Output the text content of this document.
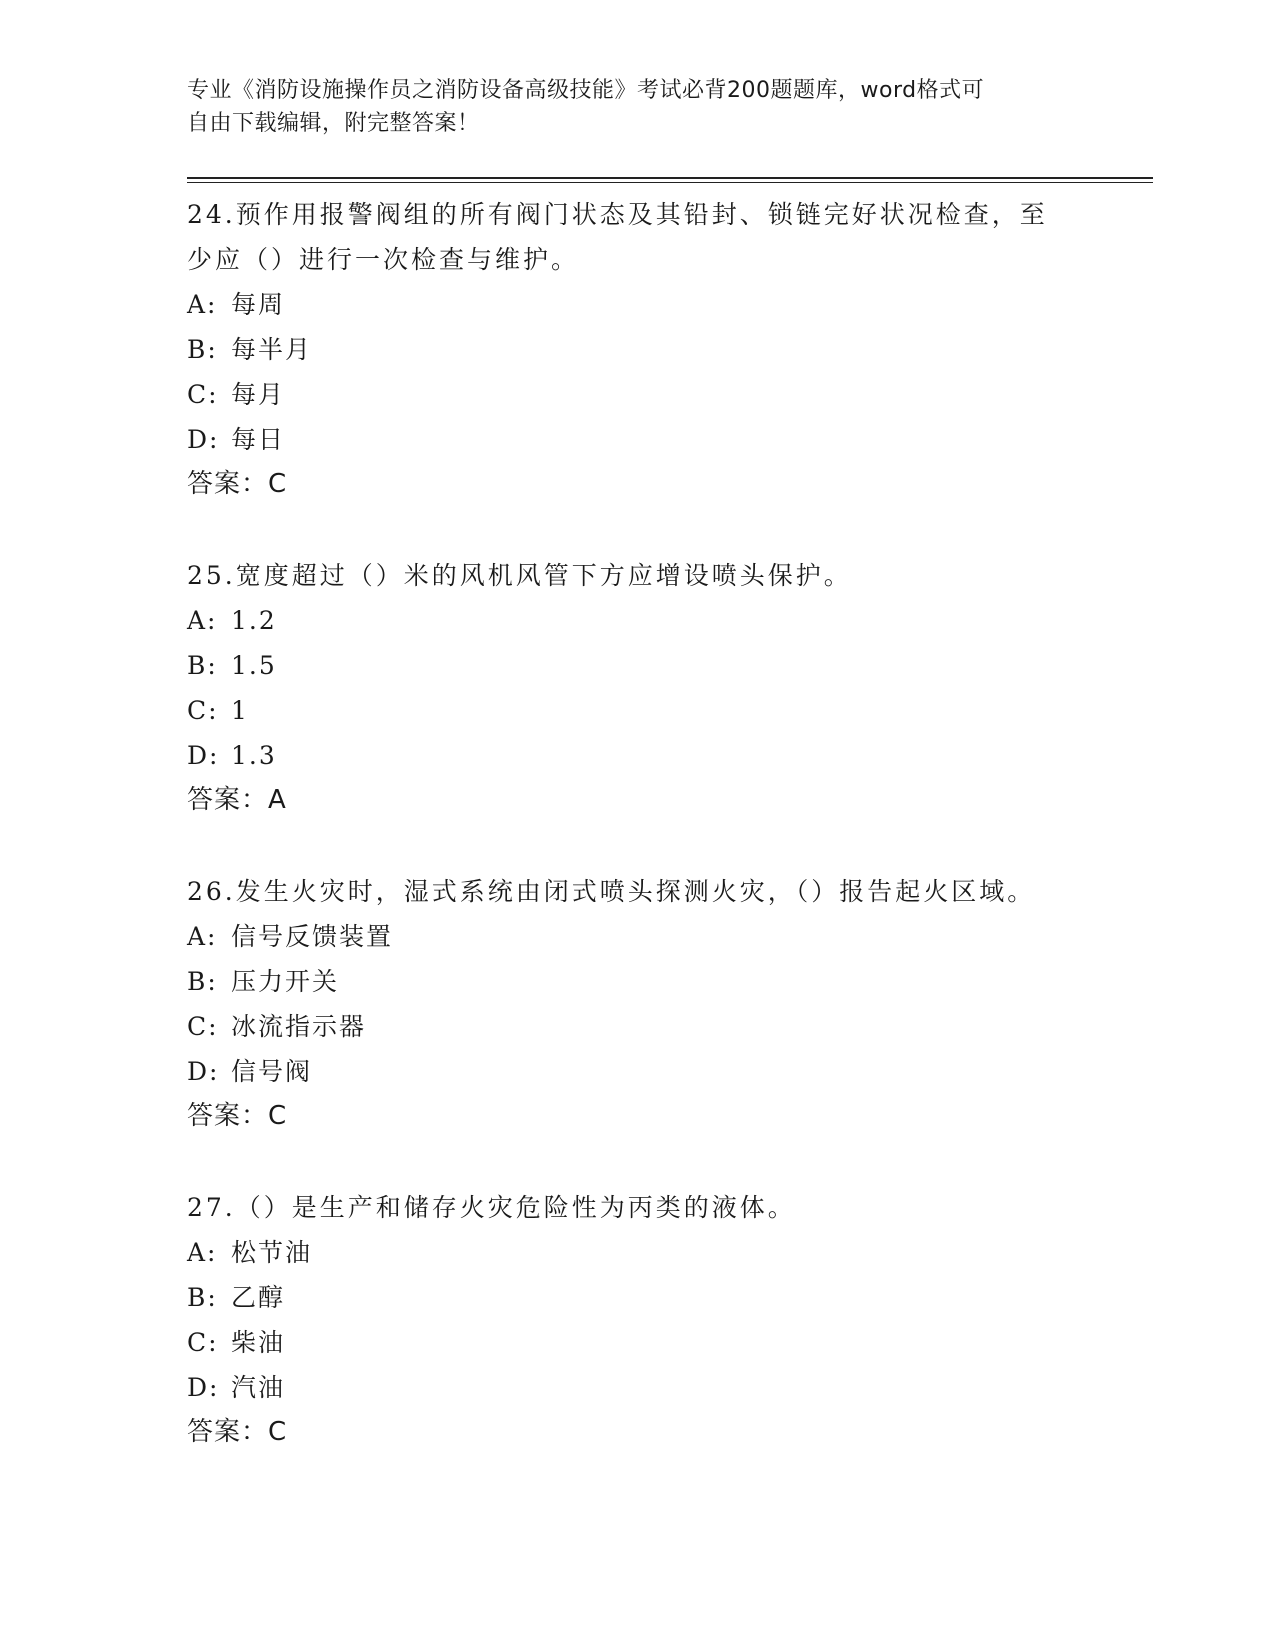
专业《消防设施操作员之消防设备高级技能》考试必背200题题库，word格式可
自由下载编辑，附完整答案！

24.预作用报警阀组的所有阀门状态及其铅封、锁链完好状况检查，至

少应（）进行一次检查与维护。

A: 每周
B: 每半月
C: 每月
D: 每日

答案：C

25.宽度超过（）米的风机风管下方应增设喷头保护。

A: 1.2
B: 1.5
C: 1
D: 1.3

答案：A

26.发生火灾时，湿式系统由闭式喷头探测火灾，（）报告起火区域。

A: 信号反馈装置
B: 压力开关
C: 冰流指示器
D: 信号阀

答案：C

27.（）是生产和储存火灾危险性为丙类的液体。

A: 松节油
B: 乙醇
C: 柴油
D: 汽油

答案：C
